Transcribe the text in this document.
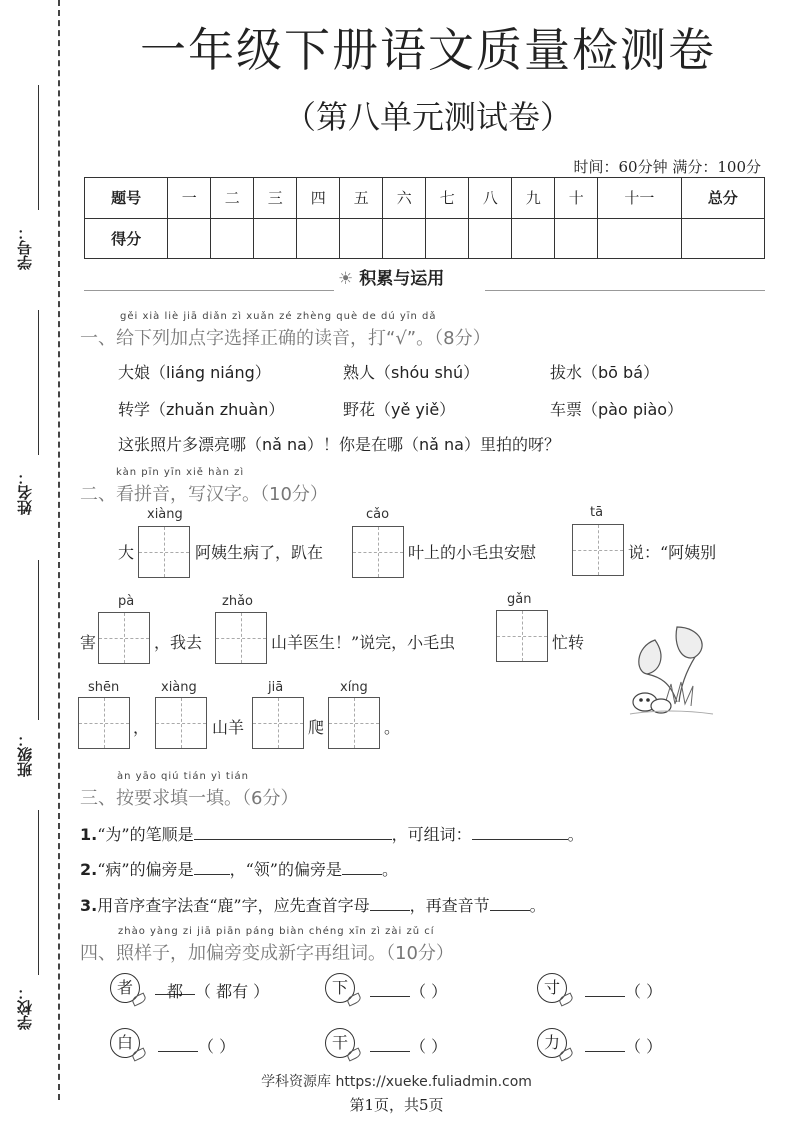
学号：
姓名：
班级：
学校：
一年级下册语文质量检测卷
（第八单元测试卷）
时间：60分钟 满分：100分
题号	一	二	三	四	五	六	七	八	九	十	十一	总分
得分												
☀ 积累与运用
gěi xià liè jiā diǎn zì xuǎn zé zhèng què de dú yīn dǎ
一、给下列加点字选择正确的读音，打“√”。（8分）
大娘（liáng niáng）	熟人（shóu shú）	拔水（bō bá）
转学（zhuǎn zhuàn）	野花（yě yiě）	车票（pào piào）
这张照片多漂亮哪（nǎ na）！你是在哪（nǎ na）里拍的呀？
kàn pīn yīn xiě hàn zì
二、看拼音，写汉字。（10分）
xiàng	cǎo	tā
大	阿姨生病了，趴在	叶上的小毛虫安慰	说：“阿姨别
pà	zhǎo	gǎn
害	，我去	山羊医生！”说完，小毛虫	忙转
shēn	xiàng	jiā	xíng
，	山羊	爬	。
àn yāo qiú tián yì tián
三、按要求填一填。（6分）
1.“为”的笔顺是	，可组词：	。
2.“病”的偏旁是 ，“领”的偏旁是	。
3.用音序查字法查“鹿”字，应先查首字母	，再查音节	。
zhào yàng zi jiā piān páng biàn chéng xīn zì zài zǔ cí
四、照样子，加偏旁变成新字再组词。（10分）
者	都 （ 都有 ）	下	（ ）	寸	（ ）
白	（ ）	干	（ ）	力	（ ）
学科资源库 https://xueke.fuliadmin.com
第1页，共5页
